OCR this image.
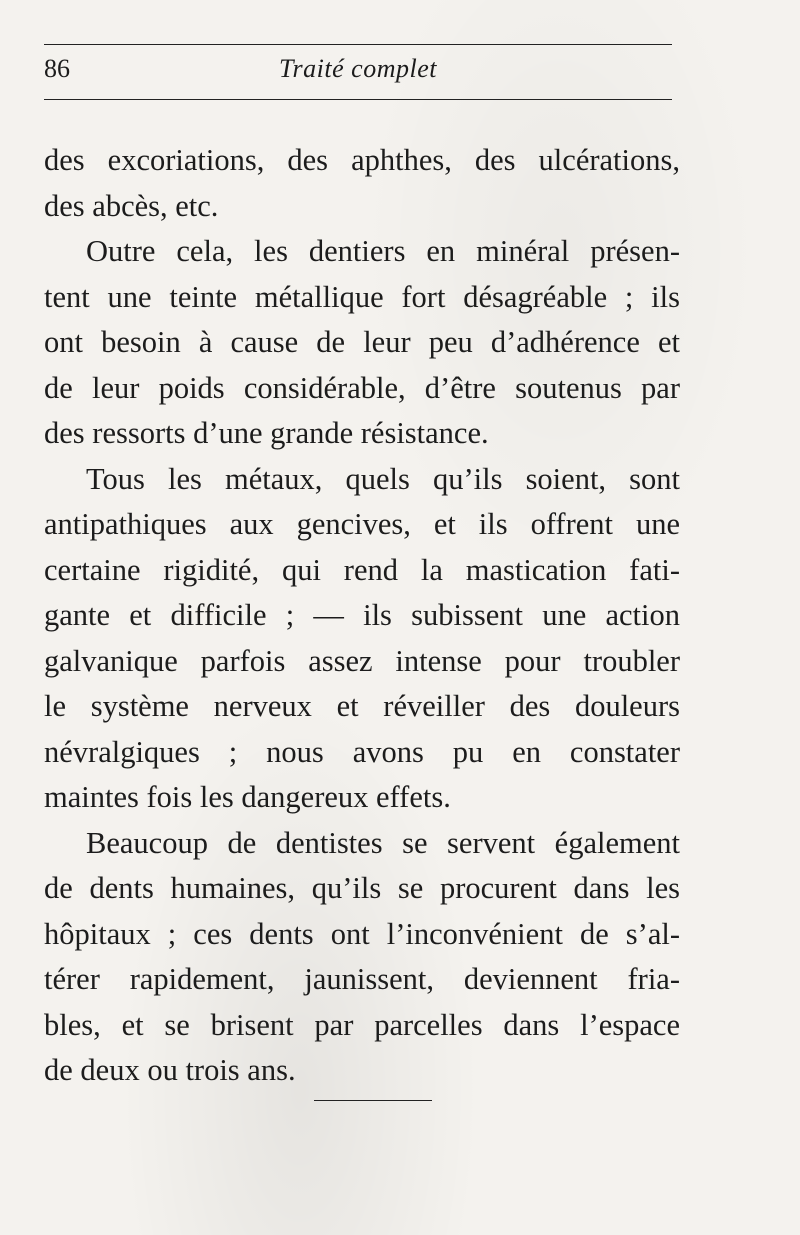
86	Traité complet
des excoriations, des aphthes, des ulcérations,
des abcès, etc.
Outre cela, les dentiers en minéral présen-
tent une teinte métallique fort désagréable ; ils
ont besoin à cause de leur peu d’adhérence et
de leur poids considérable, d’être soutenus par
des ressorts d’une grande résistance.
Tous les métaux, quels qu’ils soient, sont
antipathiques aux gencives, et ils offrent une
certaine rigidité, qui rend la mastication fati-
gante et difficile ; — ils subissent une action
galvanique parfois assez intense pour troubler
le système nerveux et réveiller des douleurs
névralgiques ; nous avons pu en constater
maintes fois les dangereux effets.
Beaucoup de dentistes se servent également
de dents humaines, qu’ils se procurent dans les
hôpitaux ; ces dents ont l’inconvénient de s’al-
térer rapidement, jaunissent, deviennent fria-
bles, et se brisent par parcelles dans l’espace
de deux ou trois ans.
